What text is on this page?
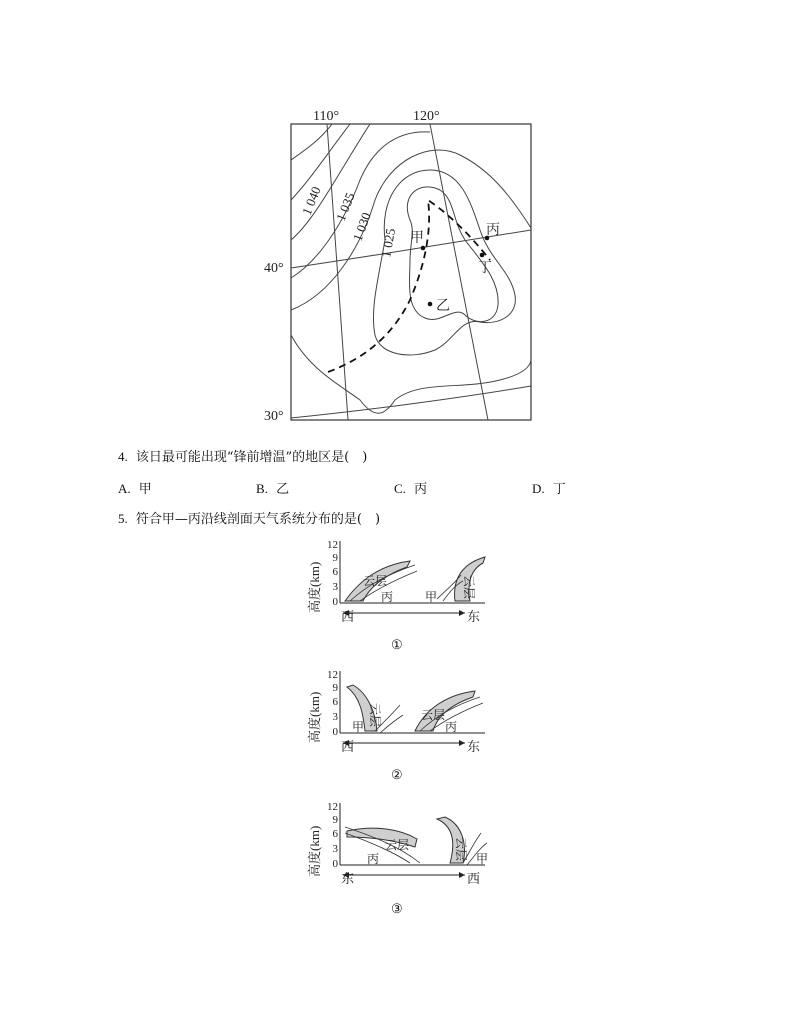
110°	120°
40°
30°
1 040 1 035
1 030 1 025 甲
乙
丙
丁
4. 该日最可能出现“锋前增温”的地区是(　)
A. 甲	B. 乙	C. 丙	D. 丁
5. 符合甲—丙沿线剖面天气系统分布的是(　)
高度(km)
12
9
6
3
0
云层	云层
丙	甲
西	东
①
高度(km)
12
9
6
3
0
云层	云层
甲	丙
西	东
②
高度(km)
12
9
6
3
0
云层	云层
丙	甲
东	西
③
